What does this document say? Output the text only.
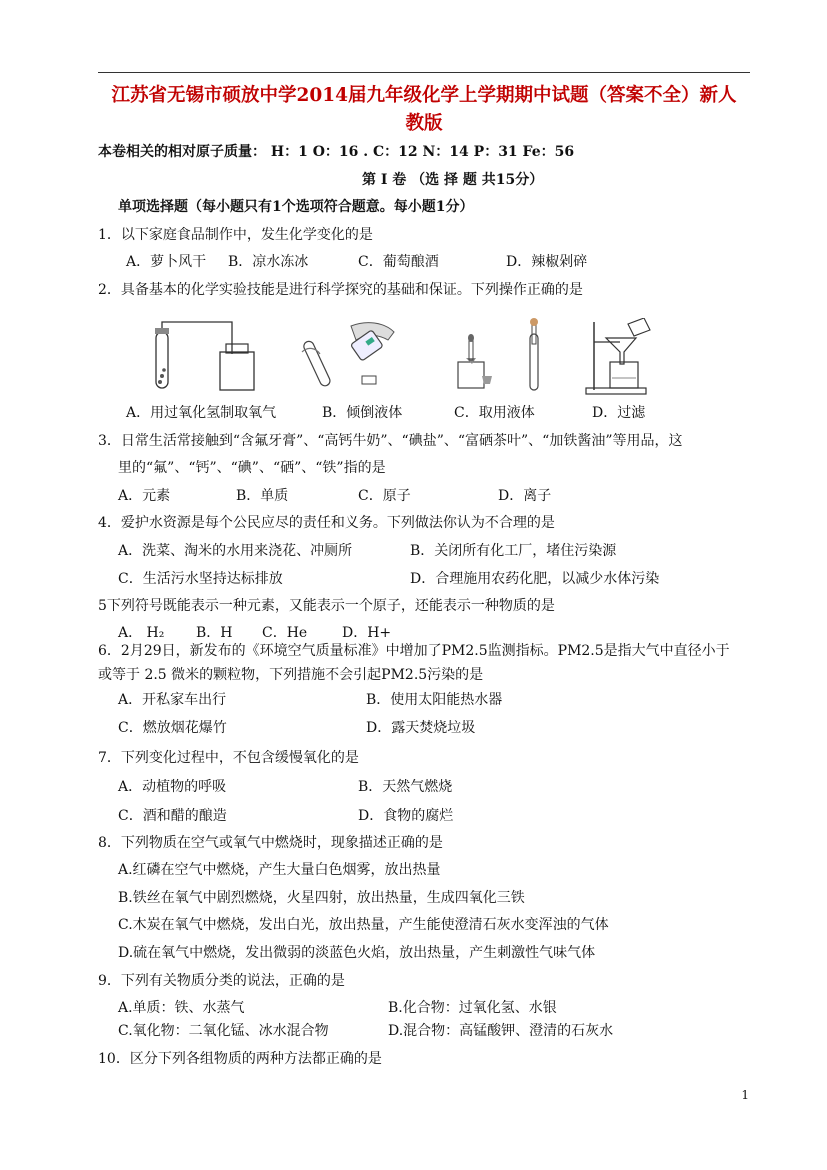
江苏省无锡市硕放中学2014届九年级化学上学期期中试题（答案不全）新人
教版
本卷相关的相对原子质量： H：1 O：16 . C：12 N：14 P：31 Fe：56
第 I 卷 （选 择 题 共15分）
单项选择题（每小题只有1个选项符合题意。每小题1分）
1．以下家庭食品制作中，发生化学变化的是
A．萝卜风干 B．凉水冻冰	C．葡萄酿酒	D．辣椒剁碎
2．具备基本的化学实验技能是进行科学探究的基础和保证。下列操作正确的是
A．用过氧化氢制取氧气	B．倾倒液体	C．取用液体	D．过滤
3．日常生活常接触到“含氟牙膏”、“高钙牛奶”、“碘盐”、“富硒茶叶”、“加铁酱油”等用品，这
里的“氟”、“钙”、“碘”、“硒”、“铁”指的是
A．元素	B．单质	C．原子	D．离子
4．爱护水资源是每个公民应尽的责任和义务。下列做法你认为不合理的是
A．洗菜、淘米的水用来浇花、冲厕所	B．关闭所有化工厂，堵住污染源
C．生活污水坚持达标排放	D．合理施用农药化肥，以减少水体污染
5下列符号既能表示一种元素，又能表示一个原子，还能表示一种物质的是
A． H₂ B．H C．He D．H+
6．2月29日，新发布的《环境空气质量标准》中增加了PM2.5监测指标。PM2.5是指大气中直径小于
或等于 2.5 微米的颗粒物，下列措施不会引起PM2.5污染的是
A．开私家车出行	B．使用太阳能热水器
C．燃放烟花爆竹	D．露天焚烧垃圾
7．下列变化过程中，不包含缓慢氧化的是
A．动植物的呼吸	B．天然气燃烧
C．酒和醋的酿造	D．食物的腐烂
8．下列物质在空气或氧气中燃烧时，现象描述正确的是
A.红磷在空气中燃烧，产生大量白色烟雾，放出热量
B.铁丝在氧气中剧烈燃烧，火星四射，放出热量，生成四氧化三铁
C.木炭在氧气中燃烧，发出白光，放出热量，产生能使澄清石灰水变浑浊的气体
D.硫在氧气中燃烧，发出微弱的淡蓝色火焰，放出热量，产生刺激性气味气体
9．下列有关物质分类的说法，正确的是
A.单质：铁、水蒸气	B.化合物：过氧化氢、水银
C.氧化物：二氧化锰、冰水混合物	D.混合物：高锰酸钾、澄清的石灰水
10．区分下列各组物质的两种方法都正确的是
1
